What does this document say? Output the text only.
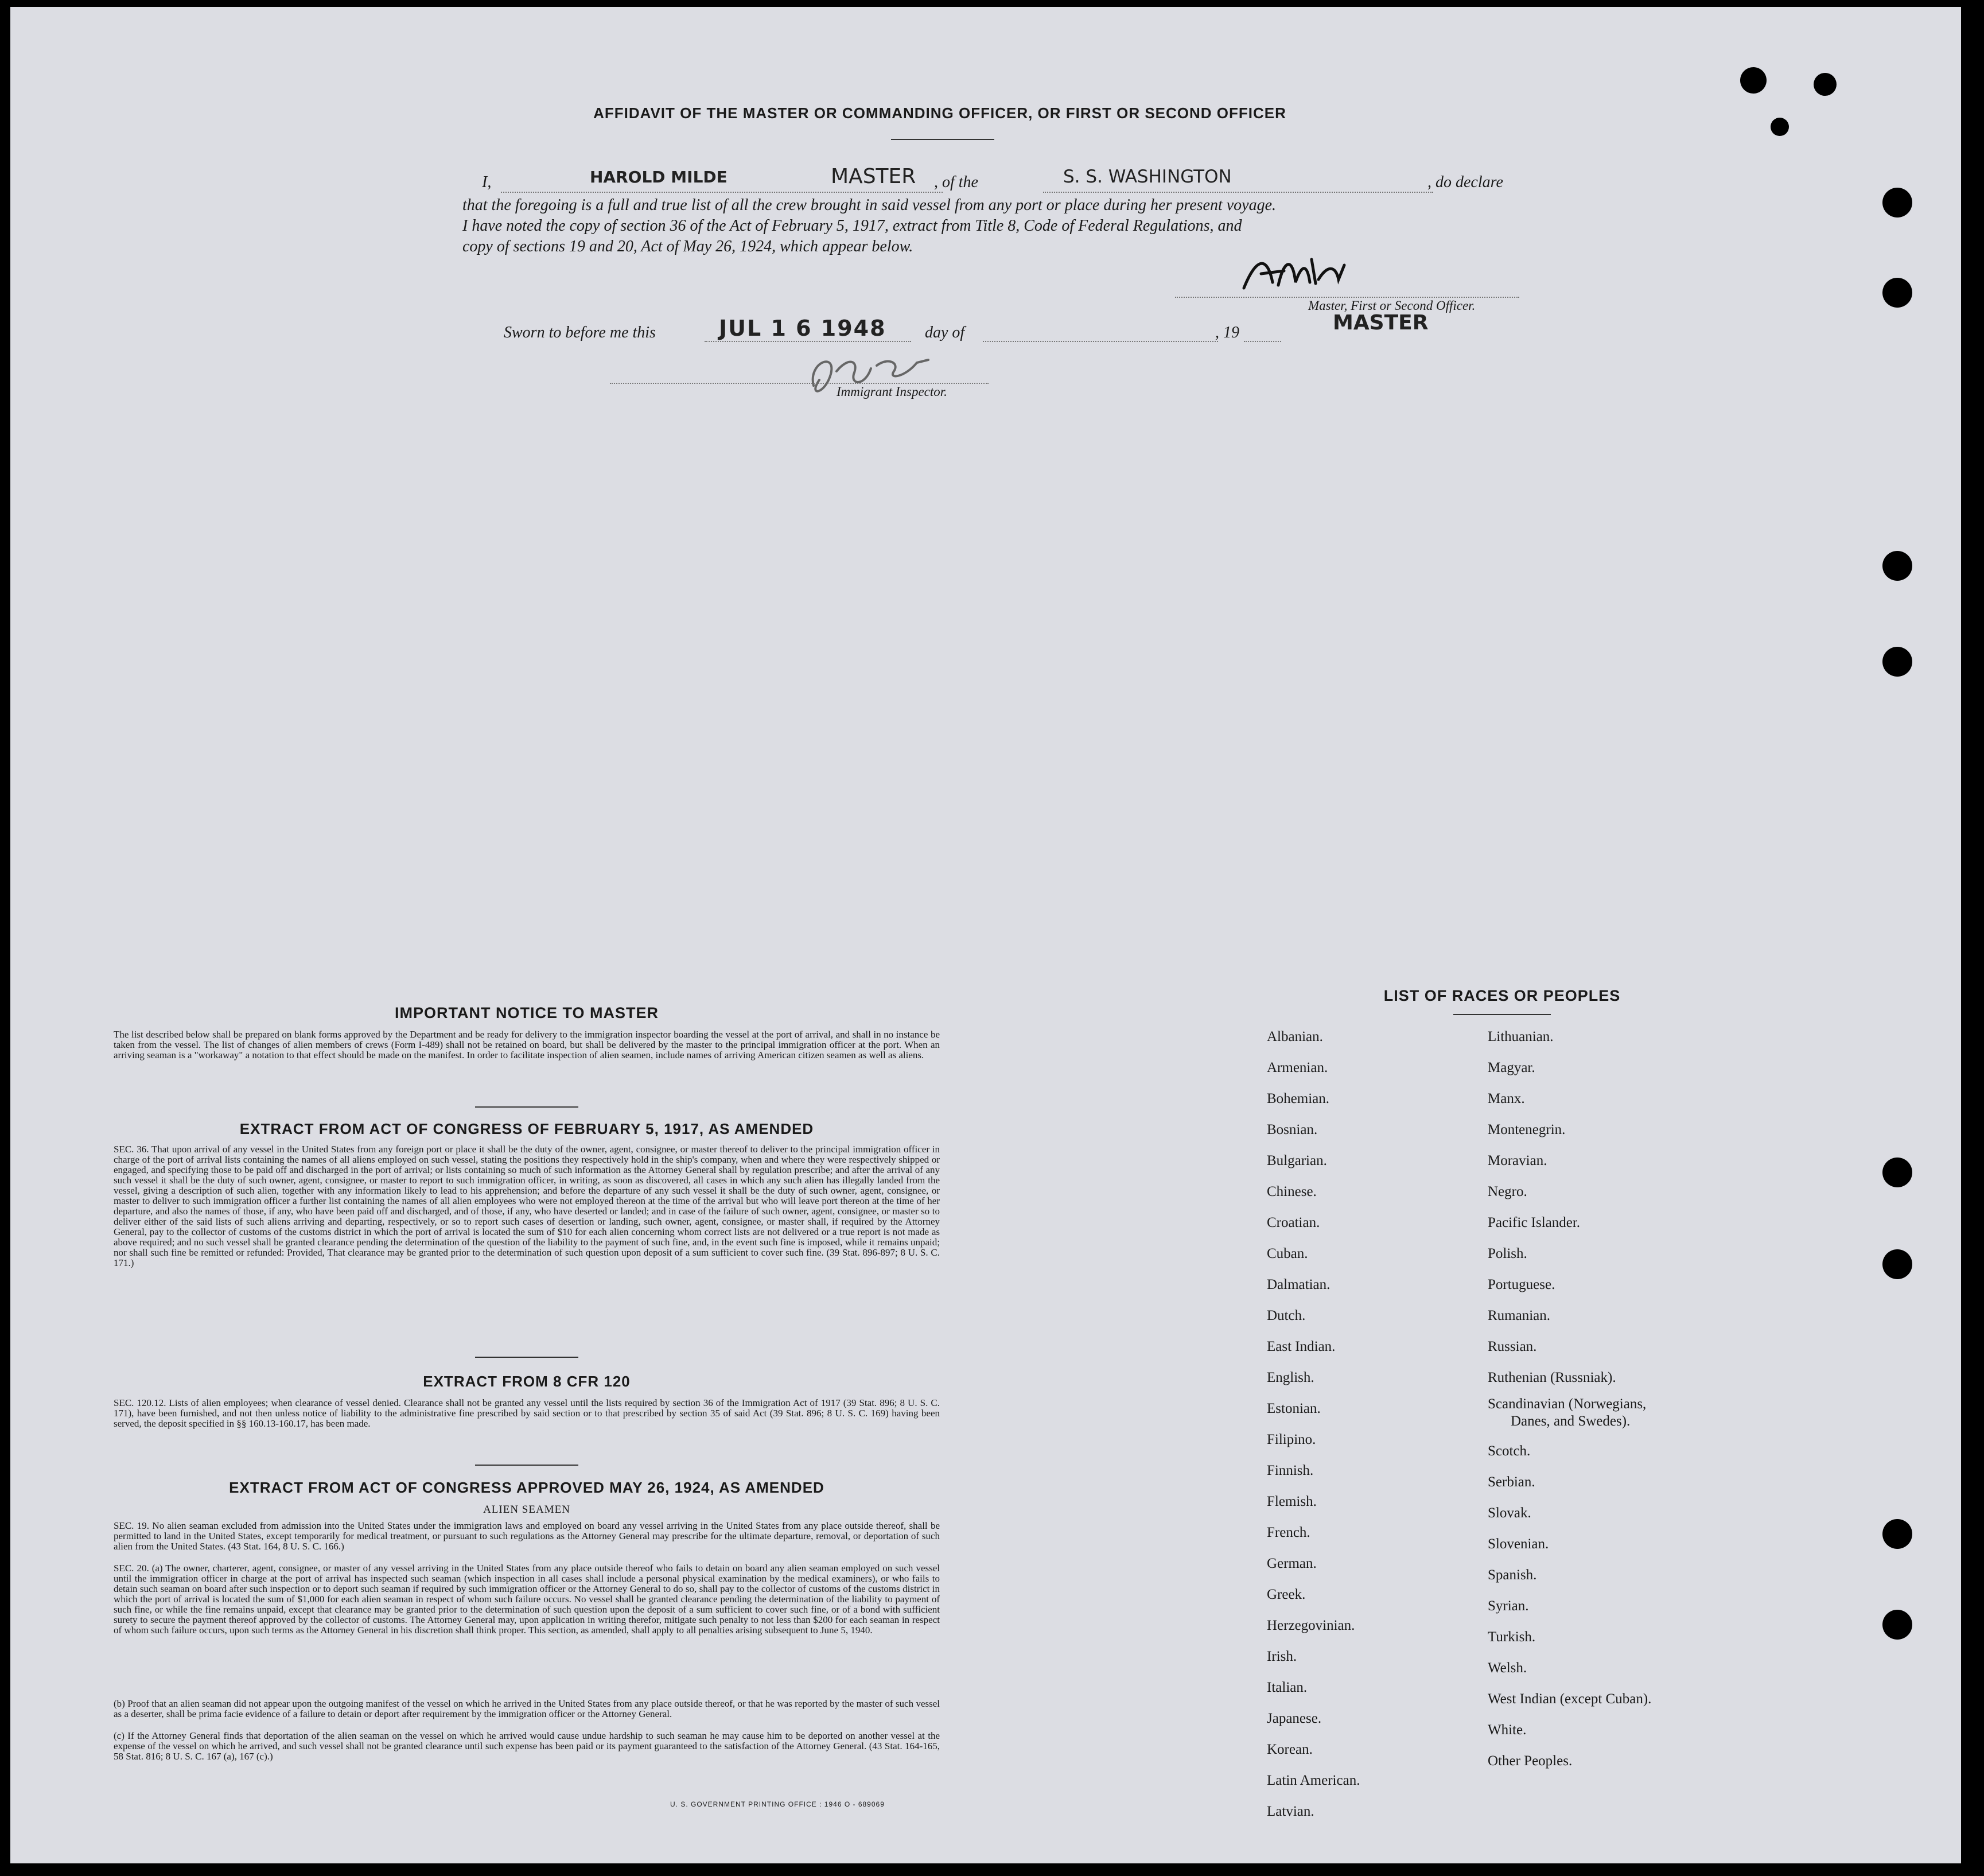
AFFIDAVIT OF THE MASTER OR COMMANDING OFFICER, OR FIRST OR SECOND OFFICER
I,	HAROLD MILDE	MASTER , of the	S. S. WASHINGTON	, do declare
that the foregoing is a full and true list of all the crew brought in said vessel from any port or place during her present voyage.
I have noted the copy of section 36 of the Act of February 5, 1917, extract from Title 8, Code of Federal Regulations, and
copy of sections 19 and 20, Act of May 26, 1924, which appear below.
Master, First or Second Officer.
MASTER
Sworn to before me this	JUL 1 6 1948 day of	, 19
Immigrant Inspector.
IMPORTANT NOTICE TO MASTER
The list described below shall be prepared on blank forms approved by the Department and be ready for delivery to the immigration inspector boarding the vessel at the port of arrival, and shall in no instance be taken from the vessel. The list of changes of alien members of crews (Form I-489) shall not be retained on board, but shall be delivered by the master to the principal immigration officer at the port. When an arriving seaman is a "workaway" a notation to that effect should be made on the manifest. In order to facilitate inspection of alien seamen, include names of arriving American citizen seamen as well as aliens.
EXTRACT FROM ACT OF CONGRESS OF FEBRUARY 5, 1917, AS AMENDED
SEC. 36. That upon arrival of any vessel in the United States from any foreign port or place it shall be the duty of the owner, agent, consignee, or master thereof to deliver to the principal immigration officer in charge of the port of arrival lists containing the names of all aliens employed on such vessel, stating the positions they respectively hold in the ship's company, when and where they were respectively shipped or engaged, and specifying those to be paid off and discharged in the port of arrival; or lists containing so much of such information as the Attorney General shall by regulation prescribe; and after the arrival of any such vessel it shall be the duty of such owner, agent, consignee, or master to report to such immigration officer, in writing, as soon as discovered, all cases in which any such alien has illegally landed from the vessel, giving a description of such alien, together with any information likely to lead to his apprehension; and before the departure of any such vessel it shall be the duty of such owner, agent, consignee, or master to deliver to such immigration officer a further list containing the names of all alien employees who were not employed thereon at the time of the arrival but who will leave port thereon at the time of her departure, and also the names of those, if any, who have been paid off and discharged, and of those, if any, who have deserted or landed; and in case of the failure of such owner, agent, consignee, or master so to deliver either of the said lists of such aliens arriving and departing, respectively, or so to report such cases of desertion or landing, such owner, agent, consignee, or master shall, if required by the Attorney General, pay to the collector of customs of the customs district in which the port of arrival is located the sum of $10 for each alien concerning whom correct lists are not delivered or a true report is not made as above required; and no such vessel shall be granted clearance pending the determination of the question of the liability to the payment of such fine, and, in the event such fine is imposed, while it remains unpaid; nor shall such fine be remitted or refunded: Provided, That clearance may be granted prior to the determination of such question upon deposit of a sum sufficient to cover such fine. (39 Stat. 896-897; 8 U. S. C. 171.)
EXTRACT FROM 8 CFR 120
SEC. 120.12. Lists of alien employees; when clearance of vessel denied. Clearance shall not be granted any vessel until the lists required by section 36 of the Immigration Act of 1917 (39 Stat. 896; 8 U. S. C. 171), have been furnished, and not then unless notice of liability to the administrative fine prescribed by said section or to that prescribed by section 35 of said Act (39 Stat. 896; 8 U. S. C. 169) having been served, the deposit specified in §§ 160.13-160.17, has been made.
EXTRACT FROM ACT OF CONGRESS APPROVED MAY 26, 1924, AS AMENDED
ALIEN SEAMEN
SEC. 19. No alien seaman excluded from admission into the United States under the immigration laws and employed on board any vessel arriving in the United States from any place outside thereof, shall be permitted to land in the United States, except temporarily for medical treatment, or pursuant to such regulations as the Attorney General may prescribe for the ultimate departure, removal, or deportation of such alien from the United States. (43 Stat. 164, 8 U. S. C. 166.)
SEC. 20. (a) The owner, charterer, agent, consignee, or master of any vessel arriving in the United States from any place outside thereof who fails to detain on board any alien seaman employed on such vessel until the immigration officer in charge at the port of arrival has inspected such seaman (which inspection in all cases shall include a personal physical examination by the medical examiners), or who fails to detain such seaman on board after such inspection or to deport such seaman if required by such immigration officer or the Attorney General to do so, shall pay to the collector of customs of the customs district in which the port of arrival is located the sum of $1,000 for each alien seaman in respect of whom such failure occurs. No vessel shall be granted clearance pending the determination of the liability to payment of such fine, or while the fine remains unpaid, except that clearance may be granted prior to the determination of such question upon the deposit of a sum sufficient to cover such fine, or of a bond with sufficient surety to secure the payment thereof approved by the collector of customs. The Attorney General may, upon application in writing therefor, mitigate such penalty to not less than $200 for each seaman in respect of whom such failure occurs, upon such terms as the Attorney General in his discretion shall think proper. This section, as amended, shall apply to all penalties arising subsequent to June 5, 1940.
(b) Proof that an alien seaman did not appear upon the outgoing manifest of the vessel on which he arrived in the United States from any place outside thereof, or that he was reported by the master of such vessel as a deserter, shall be prima facie evidence of a failure to detain or deport after requirement by the immigration officer or the Attorney General.
(c) If the Attorney General finds that deportation of the alien seaman on the vessel on which he arrived would cause undue hardship to such seaman he may cause him to be deported on another vessel at the expense of the vessel on which he arrived, and such vessel shall not be granted clearance until such expense has been paid or its payment guaranteed to the satisfaction of the Attorney General. (43 Stat. 164-165, 58 Stat. 816; 8 U. S. C. 167 (a), 167 (c).)
U. S. GOVERNMENT PRINTING OFFICE : 1946 O - 689069
LIST OF RACES OR PEOPLES
Albanian.
Armenian.
Bohemian.
Bosnian.
Bulgarian.
Chinese.
Croatian.
Cuban.
Dalmatian.
Dutch.
East Indian.
English.
Estonian.
Filipino.
Finnish.
Flemish.
French.
German.
Greek.
Herzegovinian.
Irish.
Italian.
Japanese.
Korean.
Latin American.
Latvian.
Lithuanian.
Magyar.
Manx.
Montenegrin.
Moravian.
Negro.
Pacific Islander.
Polish.
Portuguese.
Rumanian.
Russian.
Ruthenian (Russniak).
Scandinavian (Norwegians,
Danes, and Swedes).
Scotch.
Serbian.
Slovak.
Slovenian.
Spanish.
Syrian.
Turkish.
Welsh.
West Indian (except Cuban).
White.
Other Peoples.
